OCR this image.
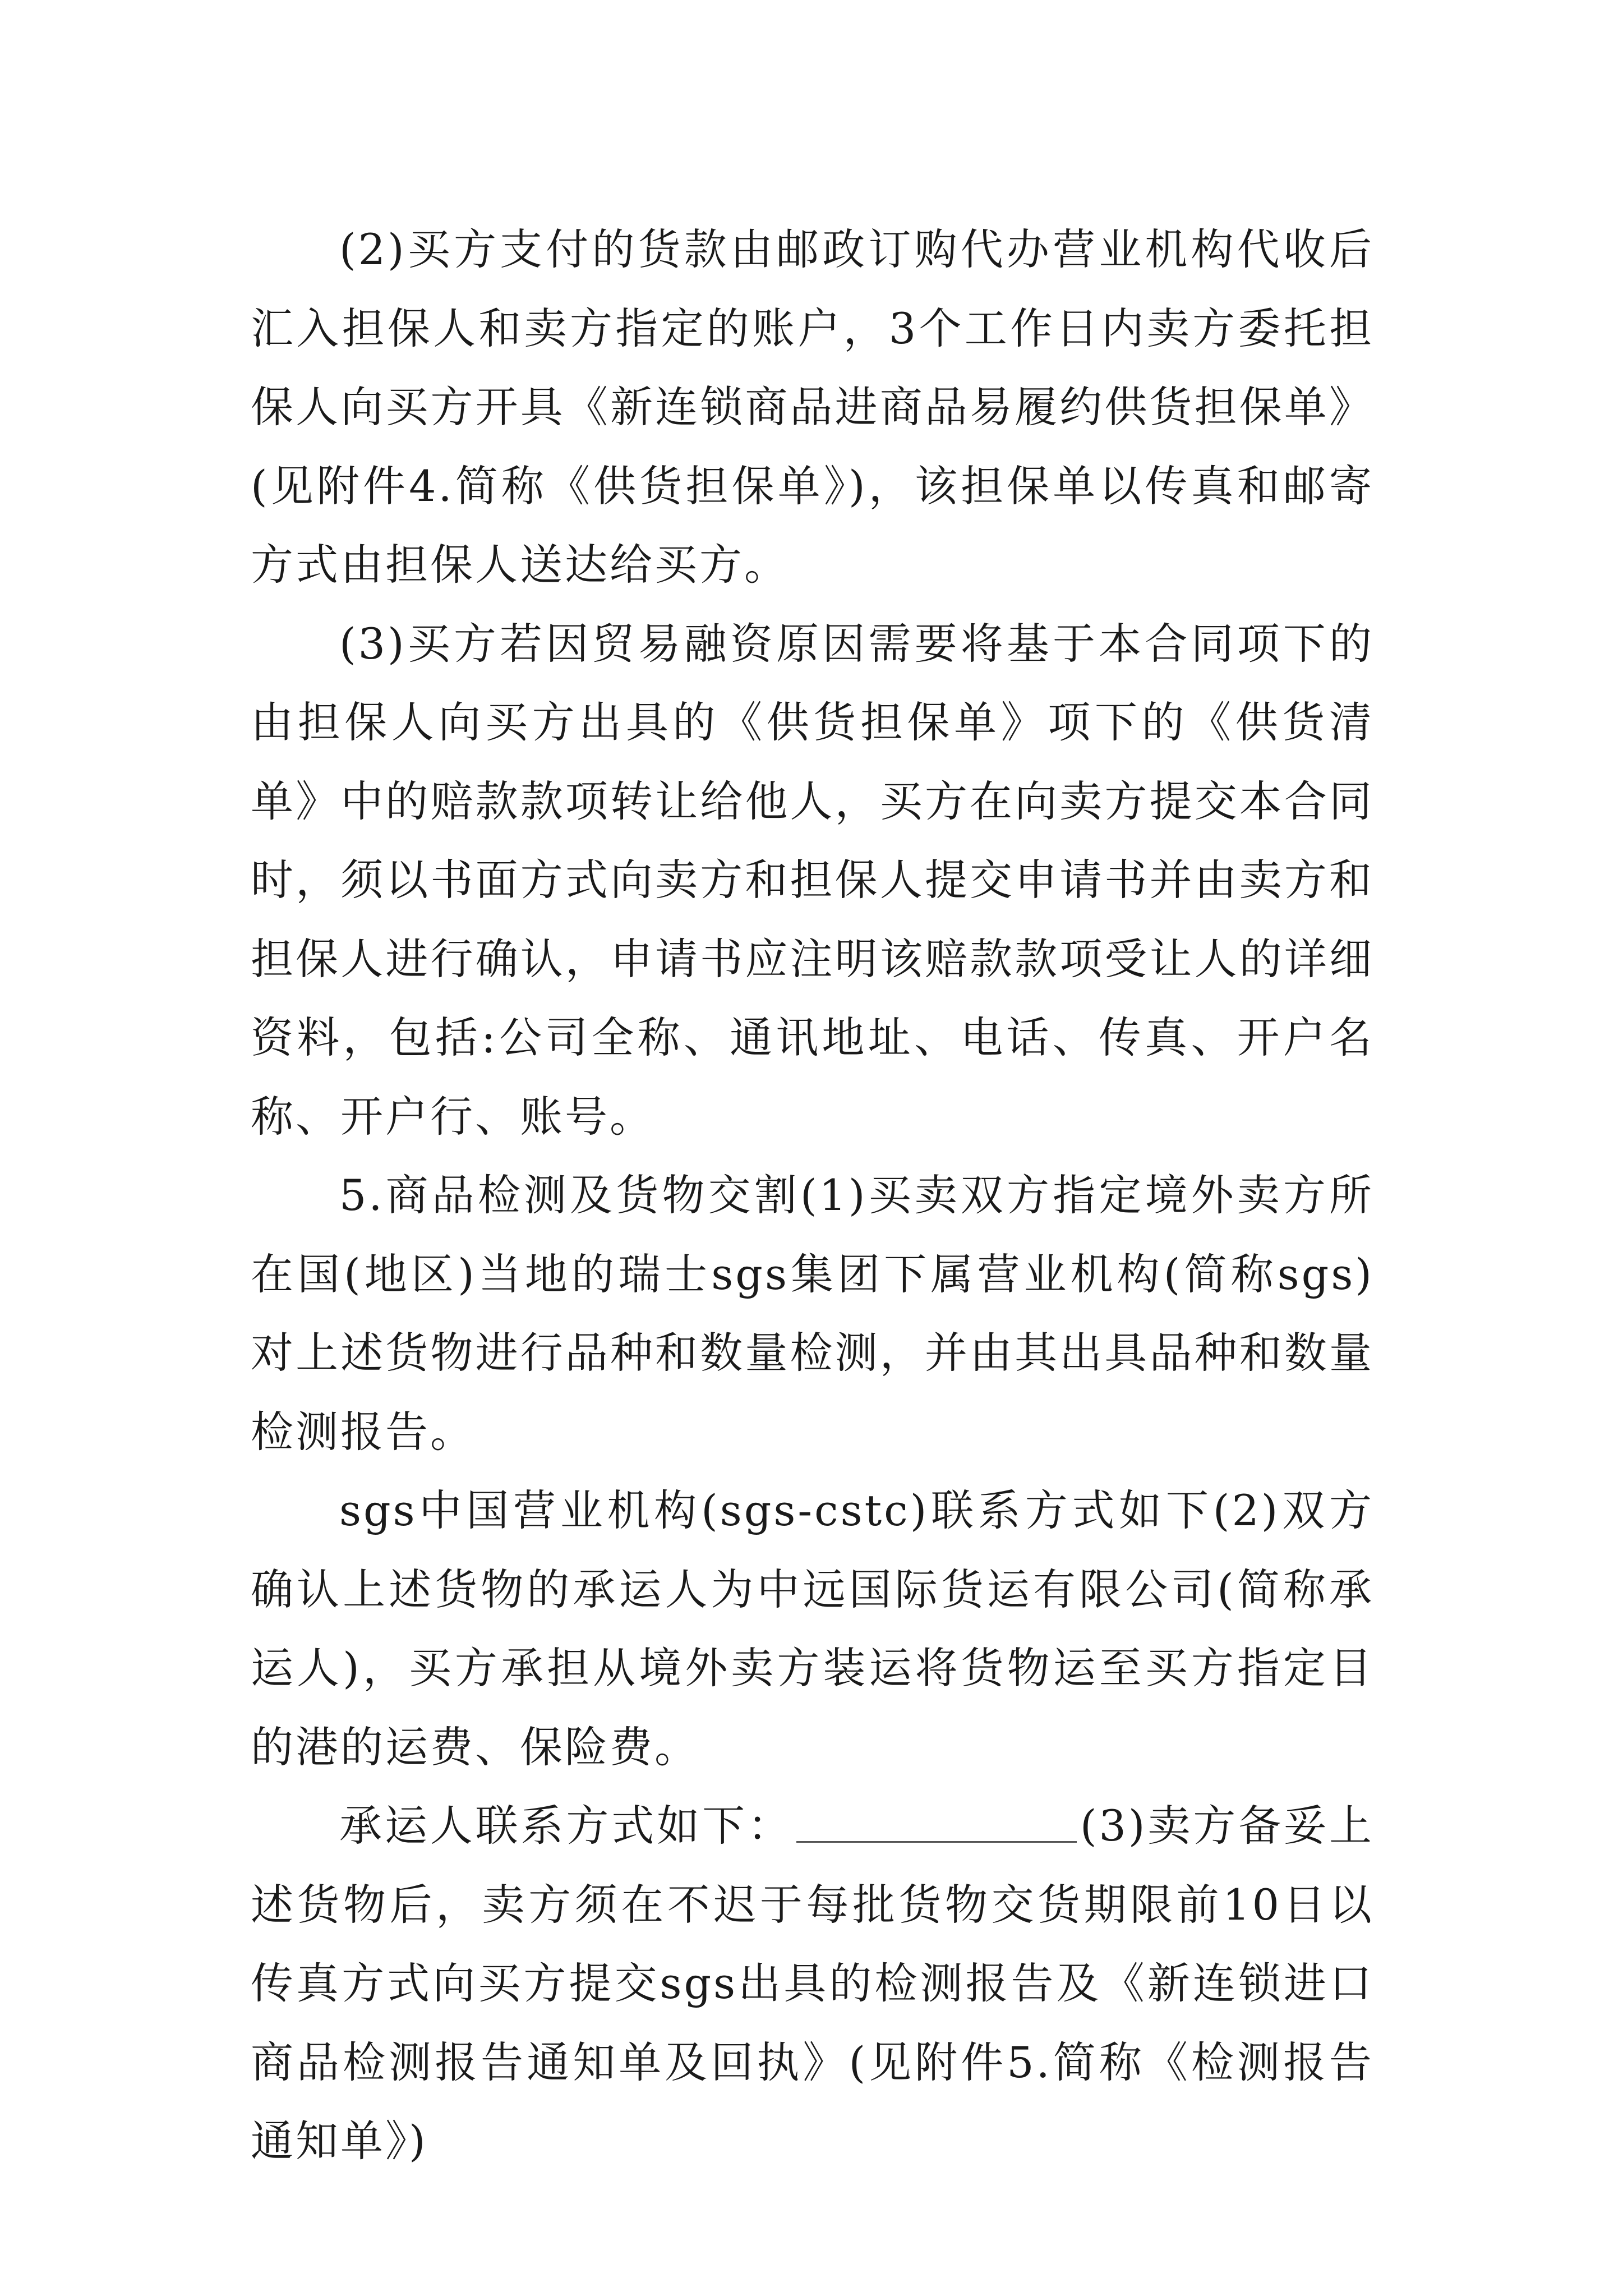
(2)买方支付的货款由邮政订购代办营业机构代收后汇入担保人和卖方指定的账户，3个工作日内卖方委托担保人向买方开具《新连锁商品进商品易履约供货担保单》(见附件4.简称《供货担保单》)，该担保单以传真和邮寄方式由担保人送达给买方。

(3)买方若因贸易融资原因需要将基于本合同项下的由担保人向买方出具的《供货担保单》项下的《供货清单》中的赔款款项转让给他人，买方在向卖方提交本合同时，须以书面方式向卖方和担保人提交申请书并由卖方和担保人进行确认，申请书应注明该赔款款项受让人的详细资料，包括:公司全称、通讯地址、电话、传真、开户名称、开户行、账号。

5.商品检测及货物交割(1)买卖双方指定境外卖方所在国(地区)当地的瑞士sgs集团下属营业机构(简称sgs)对上述货物进行品种和数量检测，并由其出具品种和数量检测报告。

sgs中国营业机构(sgs-cstc)联系方式如下(2)双方确认上述货物的承运人为中远国际货运有限公司(简称承运人)，买方承担从境外卖方装运将货物运至买方指定目的港的运费、保险费。

承运人联系方式如下：	(3)卖方备妥上述货物后，卖方须在不迟于每批货物交货期限前10日以传真方式向买方提交sgs出具的检测报告及《新连锁进口商品检测报告通知单及回执》(见附件5.简称《检测报告通知单》)
